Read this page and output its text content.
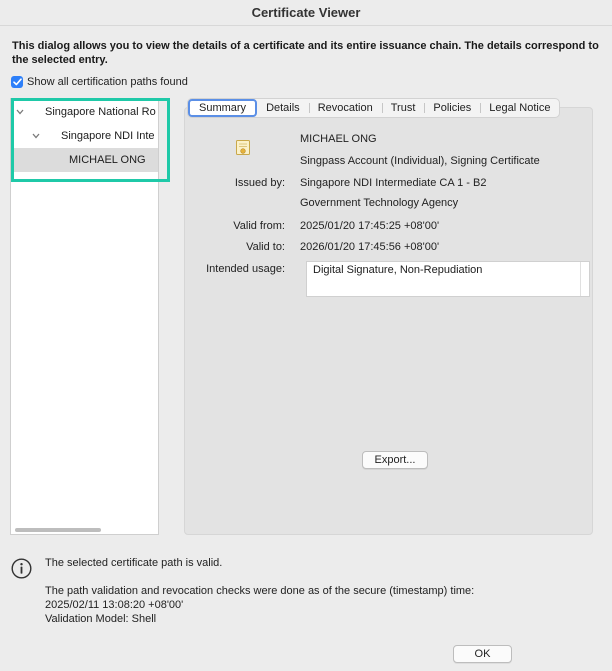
Certificate Viewer
This dialog allows you to view the details of a certificate and its entire issuance chain. The details correspond to the selected entry.
Show all certification paths found
Singapore National Ro
Singapore NDI Inte
MICHAEL ONG
Summary	Details	Revocation	Trust	Policies	Legal Notice
MICHAEL ONG
Singpass Account (Individual), Signing Certificate
Issued by: Singapore NDI Intermediate CA 1 - B2
Government Technology Agency
Valid from: 2025/01/20 17:45:25 +08'00'
Valid to: 2026/01/20 17:45:56 +08'00'
Intended usage:	Digital Signature, Non-Repudiation
Export...
The selected certificate path is valid.
The path validation and revocation checks were done as of the secure (timestamp) time:
2025/02/11 13:08:20 +08'00'
Validation Model: Shell
OK
